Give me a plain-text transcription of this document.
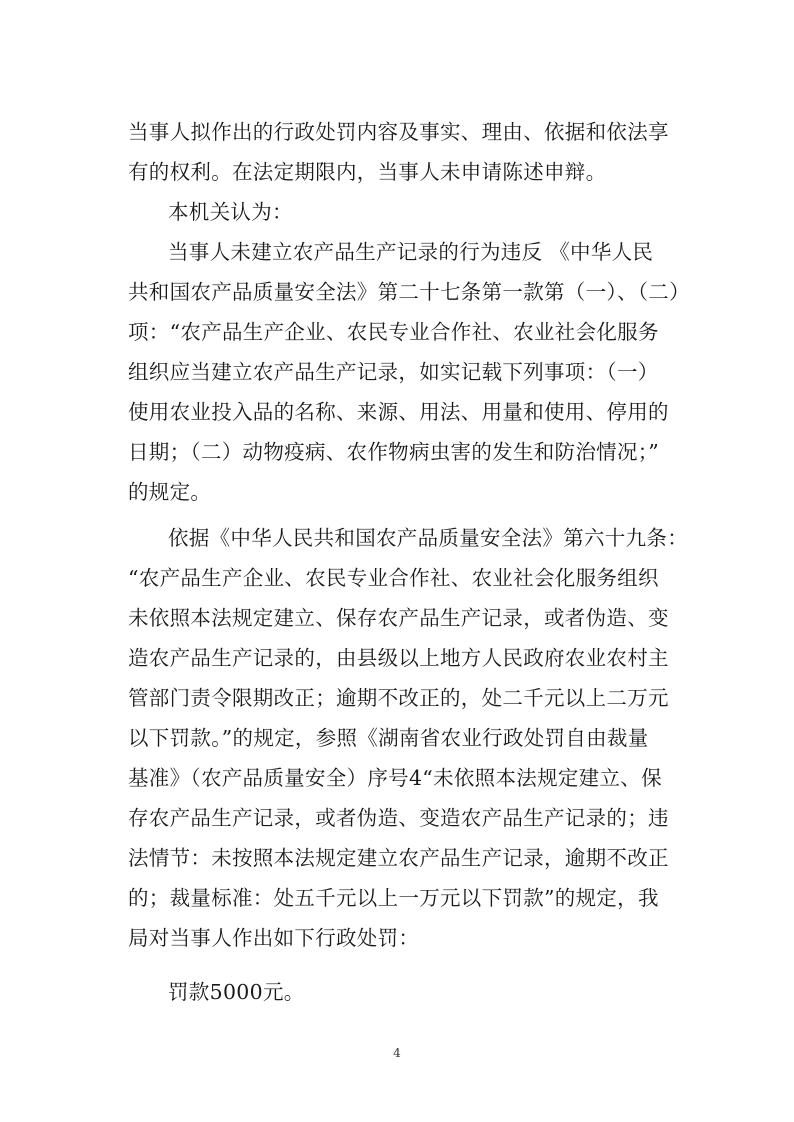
当事人拟作出的行政处罚内容及事实、理由、依据和依法享
有的权利。在法定期限内，当事人未申请陈述申辩。
本机关认为：
当事人未建立农产品生产记录的行为违反 《中华人民
共和国农产品质量安全法》第二十七条第一款第（一）、（二）
项：“农产品生产企业、农民专业合作社、农业社会化服务
组织应当建立农产品生产记录，如实记载下列事项：（一）
使用农业投入品的名称、来源、用法、用量和使用、停用的
日期；（二）动物疫病、农作物病虫害的发生和防治情况；”
的规定。
依据《中华人民共和国农产品质量安全法》第六十九条：
“农产品生产企业、农民专业合作社、农业社会化服务组织
未依照本法规定建立、保存农产品生产记录，或者伪造、变
造农产品生产记录的，由县级以上地方人民政府农业农村主
管部门责令限期改正；逾期不改正的，处二千元以上二万元
以下罚款。”的规定，参照《湖南省农业行政处罚自由裁量
基准》（农产品质量安全）序号4“未依照本法规定建立、保
存农产品生产记录，或者伪造、变造农产品生产记录的；违
法情节：未按照本法规定建立农产品生产记录，逾期不改正
的；裁量标准：处五千元以上一万元以下罚款”的规定，我
局对当事人作出如下行政处罚：
罚款5000元。
4
